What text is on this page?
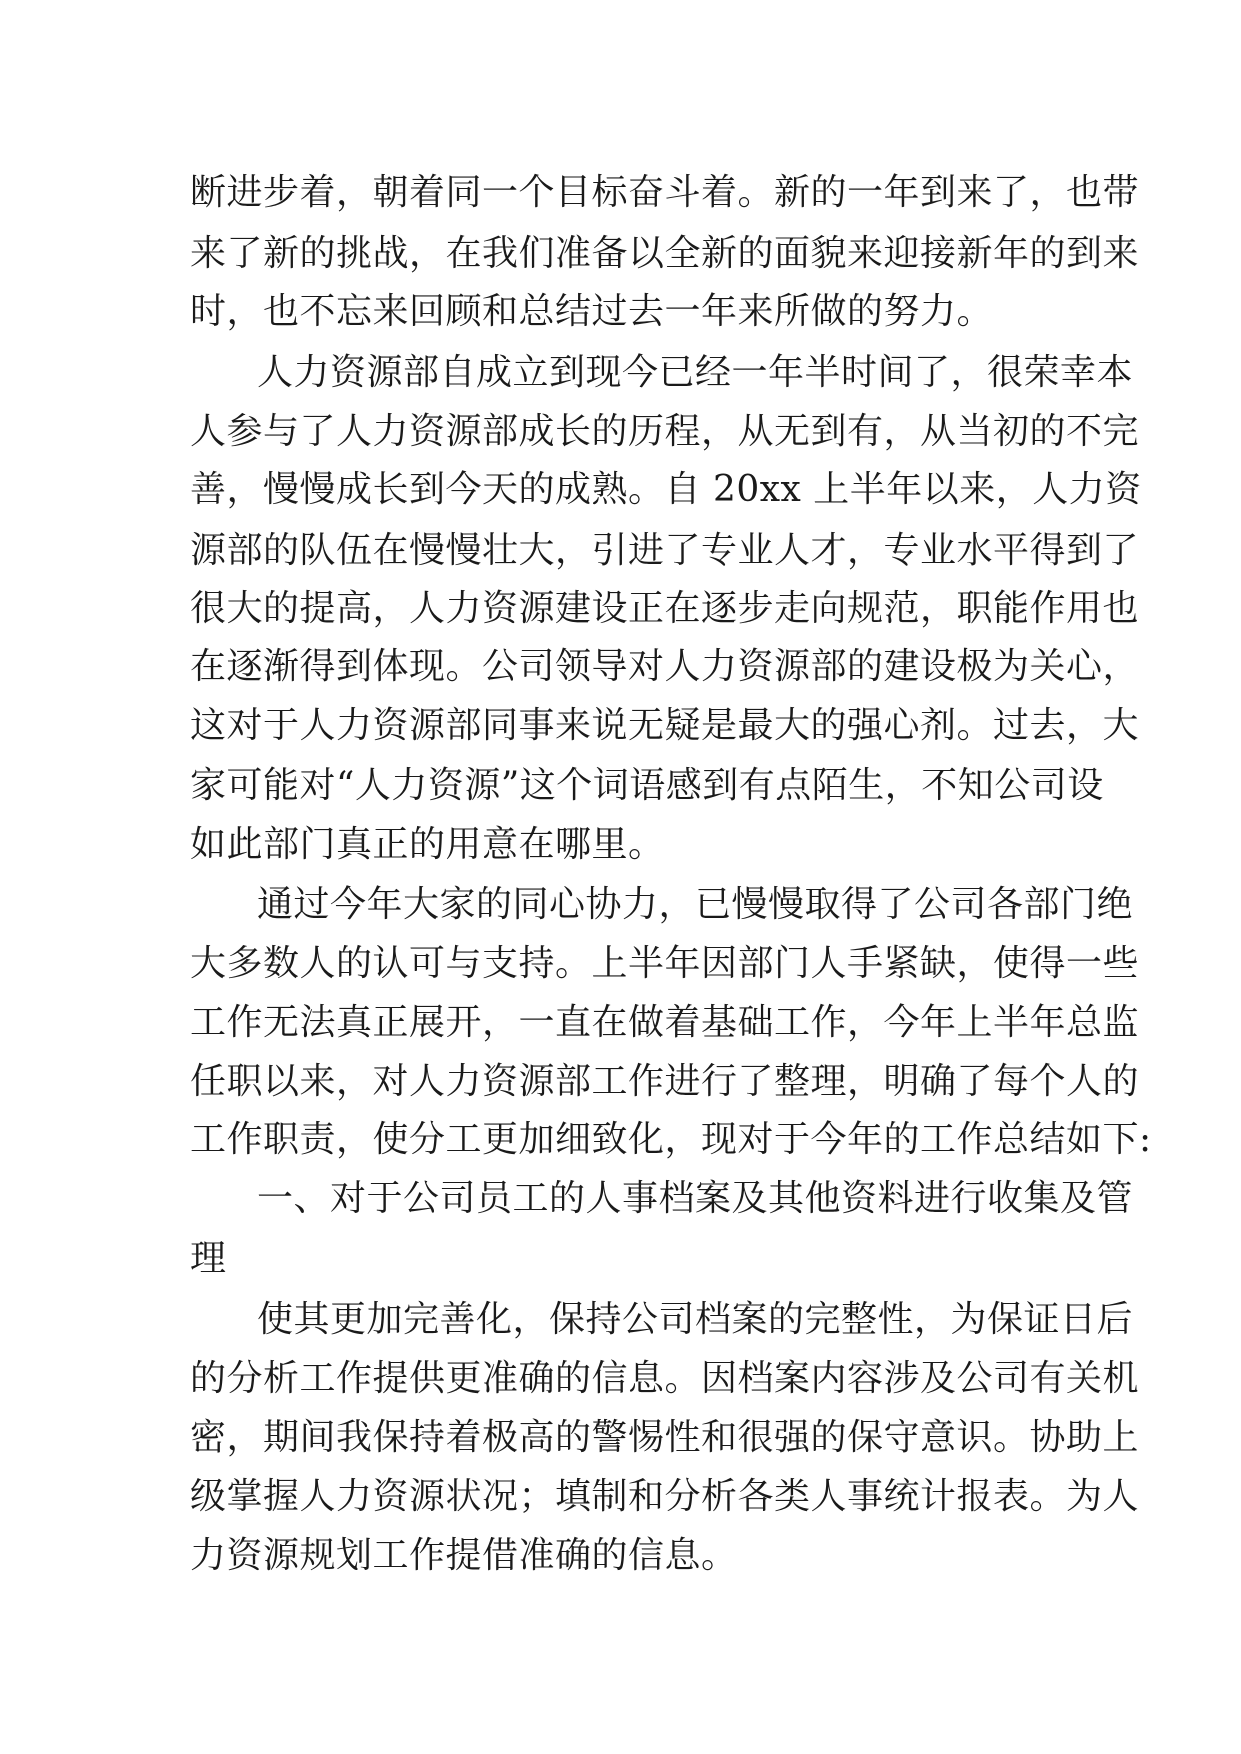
断进步着，朝着同一个目标奋斗着。新的一年到来了，也带
来了新的挑战，在我们准备以全新的面貌来迎接新年的到来
时，也不忘来回顾和总结过去一年来所做的努力。
人力资源部自成立到现今已经一年半时间了，很荣幸本
人参与了人力资源部成长的历程，从无到有，从当初的不完
善，慢慢成长到今天的成熟。自 20xx 上半年以来，人力资
源部的队伍在慢慢壮大，引进了专业人才，专业水平得到了
很大的提高，人力资源建设正在逐步走向规范，职能作用也
在逐渐得到体现。公司领导对人力资源部的建设极为关心，
这对于人力资源部同事来说无疑是最大的强心剂。过去，大
家可能对“人力资源”这个词语感到有点陌生，不知公司设
如此部门真正的用意在哪里。
通过今年大家的同心协力，已慢慢取得了公司各部门绝
大多数人的认可与支持。上半年因部门人手紧缺，使得一些
工作无法真正展开，一直在做着基础工作，今年上半年总监
任职以来，对人力资源部工作进行了整理，明确了每个人的
工作职责，使分工更加细致化，现对于今年的工作总结如下:
一、对于公司员工的人事档案及其他资料进行收集及管
理
使其更加完善化，保持公司档案的完整性，为保证日后
的分析工作提供更准确的信息。因档案内容涉及公司有关机
密，期间我保持着极高的警惕性和很强的保守意识。协助上
级掌握人力资源状况；填制和分析各类人事统计报表。为人
力资源规划工作提借准确的信息。
